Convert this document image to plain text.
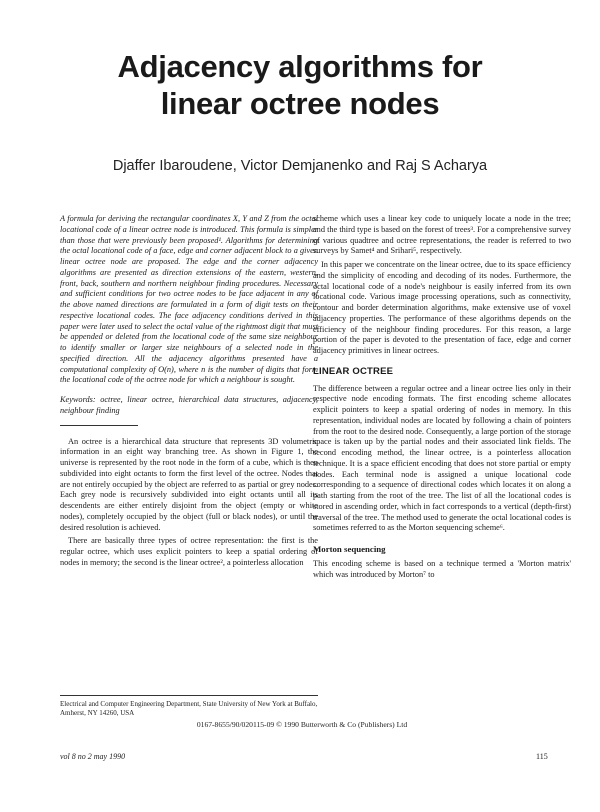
Adjacency algorithms for
linear octree nodes
Djaffer Ibaroudene, Victor Demjanenko and Raj S Acharya

A formula for deriving the rectangular coordinates X, Y and Z from the octal locational code of a linear octree node is introduced. This formula is simpler than those that were previously been proposed¹. Algorithms for determining the octal locational code of a face, edge and corner adjacent block to a given linear octree node are proposed. The edge and the corner adjacency algorithms are presented as direction extensions of the eastern, western, front, back, southern and northern neighbour finding procedures. Necessary and sufficient conditions for two octree nodes to be face adjacent in any of the above named directions are formulated in a form of digit tests on their respective locational codes. The face adjacency conditions derived in this paper were later used to select the octal value of the rightmost digit that must be appended or deleted from the locational code of the same size neighbour to identify smaller or larger size neighbours of a selected node in the specified direction. All the adjacency algorithms presented have a computational complexity of O(n), where n is the number of digits that form the locational code of the octree node for which a neighbour is sought.

Keywords: octree, linear octree, hierarchical data structures, adjacency, neighbour finding

An octree is a hierarchical data structure that represents 3D volumetric information in an eight way branching tree. As shown in Figure 1, the universe is represented by the root node in the form of a cube, which is then subdivided into eight octants to form the first level of the octree. Nodes that are not entirely occupied by the object are referred to as partial or grey nodes. Each grey node is recursively subdivided into eight octants until all its descendents are either entirely disjoint from the object (empty or white nodes), completely occupied by the object (full or black nodes), or until the desired resolution is achieved.

There are basically three types of octree representation: the first is the regular octree, which uses explicit pointers to keep a spatial ordering of nodes in memory; the second is the linear octree², a pointerless allocation

scheme which uses a linear key code to uniquely locate a node in the tree; and the third type is based on the forest of trees³. For a comprehensive survey of various quadtree and octree representations, the reader is referred to two surveys by Samet⁴ and Srihari⁵, respectively.

In this paper we concentrate on the linear octree, due to its space efficiency and the simplicity of encoding and decoding of its nodes. Furthermore, the octal locational code of a node's neighbour is easily inferred from its own locational code. Various image processing operations, such as connectivity, contour and border determination algorithms, make extensive use of voxel adjacency properties. The performance of these algorithms depends on the efficiency of the neighbour finding procedures. For this reason, a large portion of the paper is devoted to the presentation of face, edge and corner adjacency primitives in linear octrees.

LINEAR OCTREE

The difference between a regular octree and a linear octree lies only in their respective node encoding formats. The first encoding scheme allocates explicit pointers to keep a spatial ordering of nodes in memory. In this representation, individual nodes are located by following a chain of pointers from the root to the desired node. Consequently, a large portion of the storage space is taken up by the partial nodes and their associated link fields. The second encoding method, the linear octree, is a pointerless allocation technique. It is a space efficient encoding that does not store partial or empty nodes. Each terminal node is assigned a unique locational code corresponding to a sequence of directional codes which locates it on along a path starting from the root of the tree. The list of all the locational codes is stored in ascending order, which in fact corresponds to a vertical (depth-first) traversal of the tree. The method used to generate the octal locational codes is sometimes referred to as the Morton sequencing scheme⁶.

Morton sequencing

This encoding scheme is based on a technique termed a 'Morton matrix' which was introduced by Morton⁷ to

Electrical and Computer Engineering Department, State University of New York at Buffalo, Amherst, NY 14260, USA
0167-8655/90/020115-09 © 1990 Butterworth & Co (Publishers) Ltd
vol 8 no 2 may 1990	115
